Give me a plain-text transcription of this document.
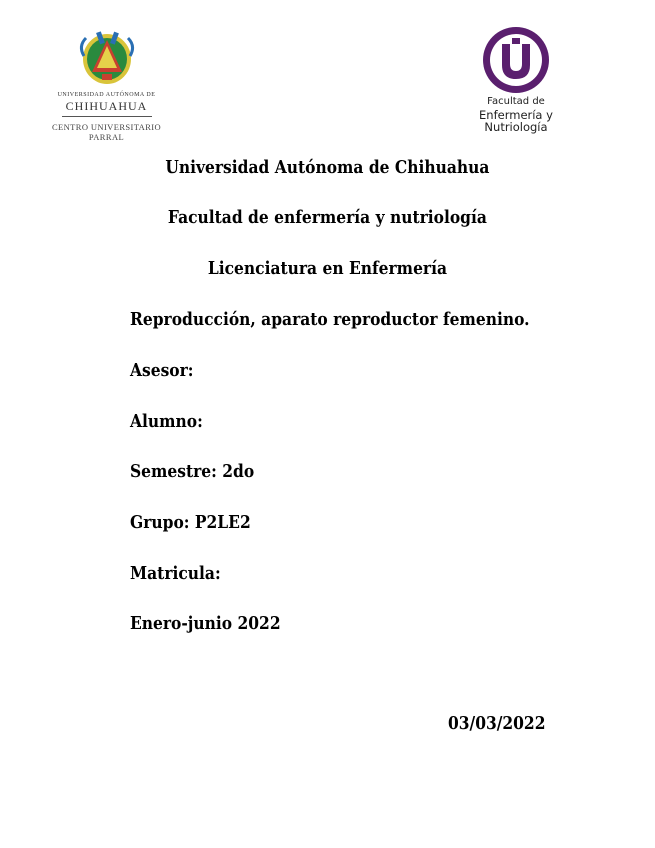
UNIVERSIDAD AUTÓNOMA DE
CHIHUAHUA
CENTRO UNIVERSITARIO PARRAL
Facultad de
Enfermería y
Nutriología
Universidad Autónoma de Chihuahua
Facultad de enfermería y nutriología
Licenciatura en Enfermería
Reproducción, aparato reproductor femenino.
Asesor:
Alumno:
Semestre: 2do
Grupo: P2LE2
Matricula:
Enero-junio 2022
03/03/2022
